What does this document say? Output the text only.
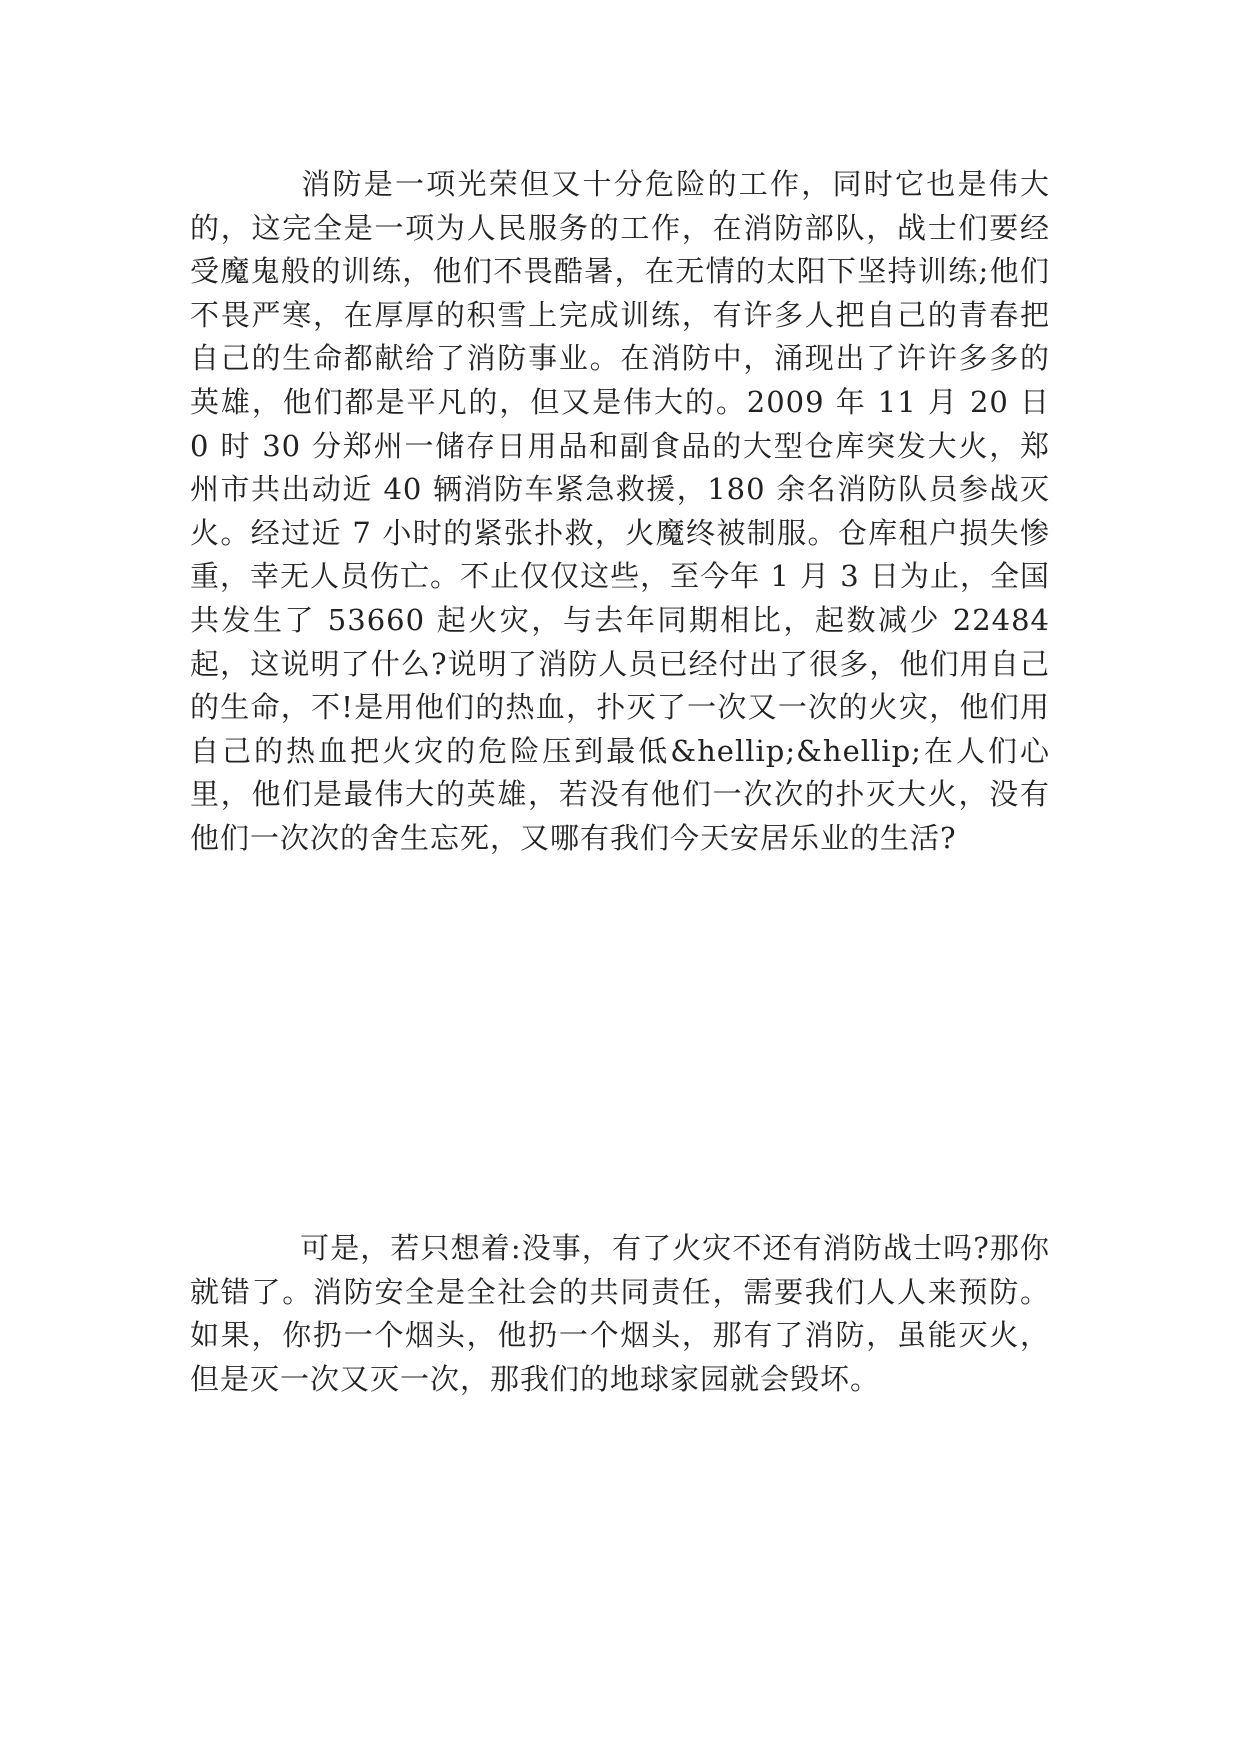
消防是一项光荣但又十分危险的工作，同时它也是伟大的，这完全是一项为人民服务的工作，在消防部队，战士们要经受魔鬼般的训练，他们不畏酷暑，在无情的太阳下坚持训练;他们不畏严寒，在厚厚的积雪上完成训练，有许多人把自己的青春把自己的生命都献给了消防事业。在消防中，涌现出了许许多多的英雄，他们都是平凡的，但又是伟大的。2009 年 11 月 20 日 0 时 30 分郑州一储存日用品和副食品的大型仓库突发大火，郑州市共出动近 40 辆消防车紧急救援，180 余名消防队员参战灭火。经过近 7 小时的紧张扑救，火魔终被制服。仓库租户损失惨重，幸无人员伤亡。不止仅仅这些，至今年 1 月 3 日为止，全国共发生了 53660 起火灾，与去年同期相比，起数减少 22484 起，这说明了什么?说明了消防人员已经付出了很多，他们用自己的生命，不!是用他们的热血，扑灭了一次又一次的火灾，他们用自己的热血把火灾的危险压到最低&hellip;&hellip;在人们心里，他们是最伟大的英雄，若没有他们一次次的扑灭大火，没有他们一次次的舍生忘死，又哪有我们今天安居乐业的生活?

可是，若只想着:没事，有了火灾不还有消防战士吗?那你就错了。消防安全是全社会的共同责任，需要我们人人来预防。如果，你扔一个烟头，他扔一个烟头，那有了消防，虽能灭火，但是灭一次又灭一次，那我们的地球家园就会毁坏。
